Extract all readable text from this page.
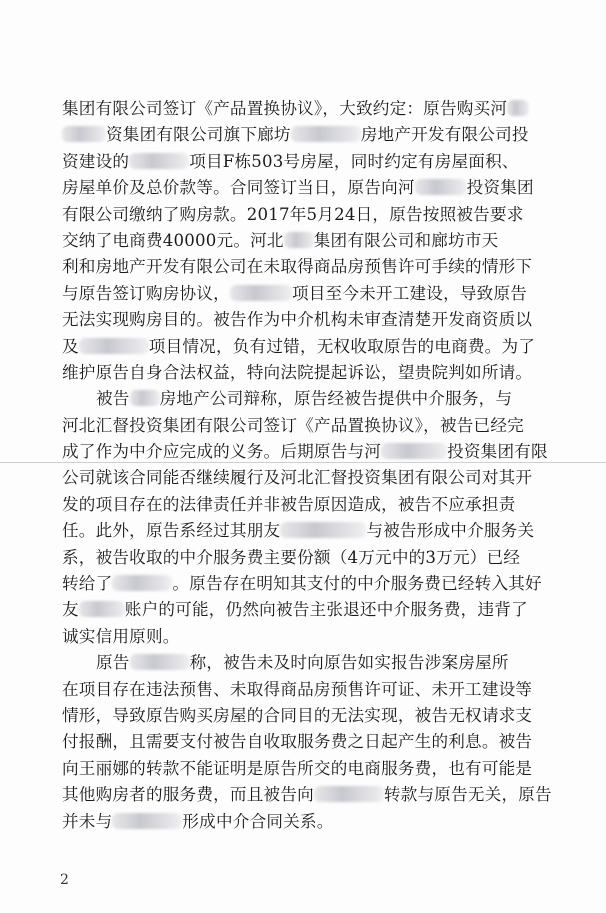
集团有限公司签订《产品置换协议》，大致约定：原告购买河
资集团有限公司旗下廊坊	房地产开发有限公司投
资建设的	项目F栋503号房屋，同时约定有房屋面积、
房屋单价及总价款等。合同签订当日，原告向河	投资集团
有限公司缴纳了购房款。2017年5月24日，原告按照被告要求
交纳了电商费40000元。河北 集团有限公司和廊坊市天
利和房地产开发有限公司在未取得商品房预售许可手续的情形下
与原告签订购房协议，	项目至今未开工建设，导致原告
无法实现购房目的。被告作为中介机构未审查清楚开发商资质以
及	项目情况，负有过错，无权收取原告的电商费。为了
维护原告自身合法权益，特向法院提起诉讼，望贵院判如所请。
被告 房地产公司辩称，原告经被告提供中介服务，与
河北汇督投资集团有限公司签订《产品置换协议》，被告已经完
成了作为中介应完成的义务。后期原告与河	投资集团有限
公司就该合同能否继续履行及河北汇督投资集团有限公司对其开
发的项目存在的法律责任并非被告原因造成，被告不应承担责
任。此外，原告系经过其朋友	与被告形成中介服务关
系，被告收取的中介服务费主要份额（4万元中的3万元）已经
转给了	。原告存在明知其支付的中介服务费已经转入其好
友	账户的可能，仍然向被告主张退还中介服务费，违背了
诚实信用原则。
原告	称，被告未及时向原告如实报告涉案房屋所
在项目存在违法预售、未取得商品房预售许可证、未开工建设等
情形，导致原告购买房屋的合同目的无法实现，被告无权请求支
付报酬，且需要支付被告自收取服务费之日起产生的利息。被告
向王丽娜的转款不能证明是原告所交的电商服务费，也有可能是
其他购房者的服务费，而且被告向	转款与原告无关，原告
并未与	形成中介合同关系。
2
